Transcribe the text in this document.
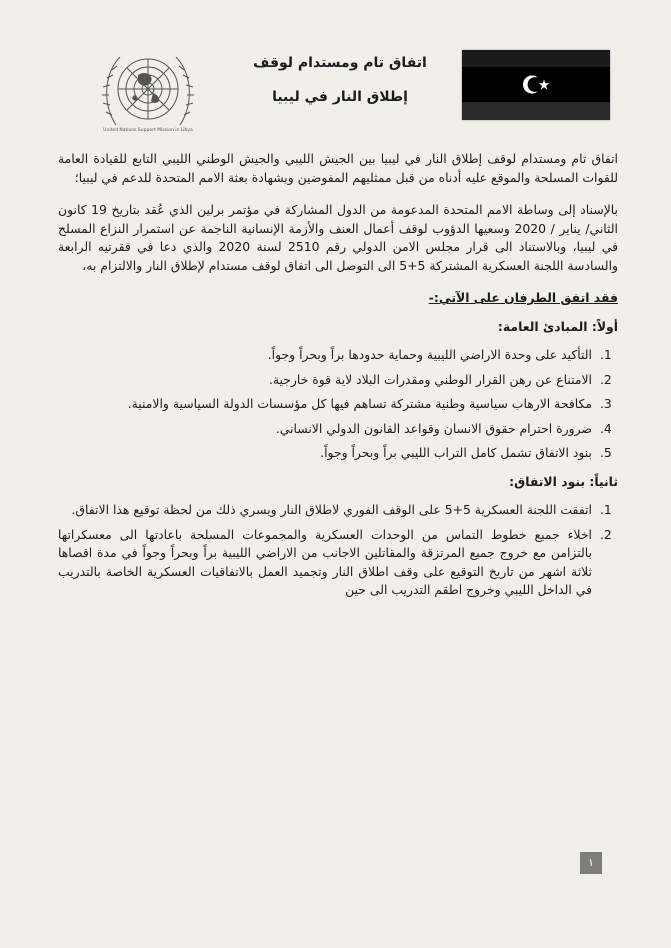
United Nations Support Mission in Libya
اتفاق تام ومستدام لوقف
إطلاق النار في ليبيا

اتفاق تام ومستدام لوقف إطلاق النار في ليبيا بين الجيش الليبي والجيش الوطني الليبي التابع للقيادة العامة للقوات المسلحة والموقع عليه أدناه من قبل ممثليهم المفوضين وبشهادة بعثة الامم المتحدة للدعم في ليبيا؛

بالإسناد إلى وساطة الامم المتحدة المدعومة من الدول المشاركة في مؤتمر برلين الذي عُقد بتاريخ 19 كانون الثاني/ يناير / 2020 وسعيها الدؤوب لوقف أعمال العنف والأزمة الإنسانية الناجمة عن استمرار النزاع المسلح في ليبيا، وبالاستناد الى قرار مجلس الامن الدولي رقم 2510 لسنة 2020 والذي دعا في فقرتيه الرابعة والسادسة اللجنة العسكرية المشتركة 5+5 الى التوصل الى اتفاق لوقف مستدام لإطلاق النار والالتزام به،

فقد اتفق الطرفان على الآتي:-
أولاً: المبادئ العامة:
1. التأكيد على وحدة الاراضي الليبية وحماية حدودها براً وبحراً وجواً.
2. الامتناع عن رهن القرار الوطني ومقدرات البلاد لاية قوة خارجية.
3. مكافحة الارهاب سياسية وطنية مشتركة تساهم فيها كل مؤسسات الدولة السياسية والامنية.
4. ضرورة احترام حقوق الانسان وقواعد القانون الدولي الانساني.
5. بنود الاتفاق تشمل كامل التراب الليبي براً وبحراً وجواً.
ثانياً: بنود الاتفاق:
1. اتفقت اللجنة العسكرية 5+5 على الوقف الفوري لاطلاق النار ويسري ذلك من لحظة توقيع هذا الاتفاق.
2. اخلاء جميع خطوط التماس من الوحدات العسكرية والمجموعات المسلحة باعادتها الى معسكراتها بالتزامن مع خروج جميع المرتزقة والمقاتلين الاجانب من الاراضي الليبية براً وبحراً وجواً في مدة اقصاها ثلاثة اشهر من تاريخ التوقيع على وقف اطلاق النار وتجميد العمل بالاتفاقيات العسكرية الخاصة بالتدريب في الداخل الليبي وخروج اطقم التدريب الى حين
١
